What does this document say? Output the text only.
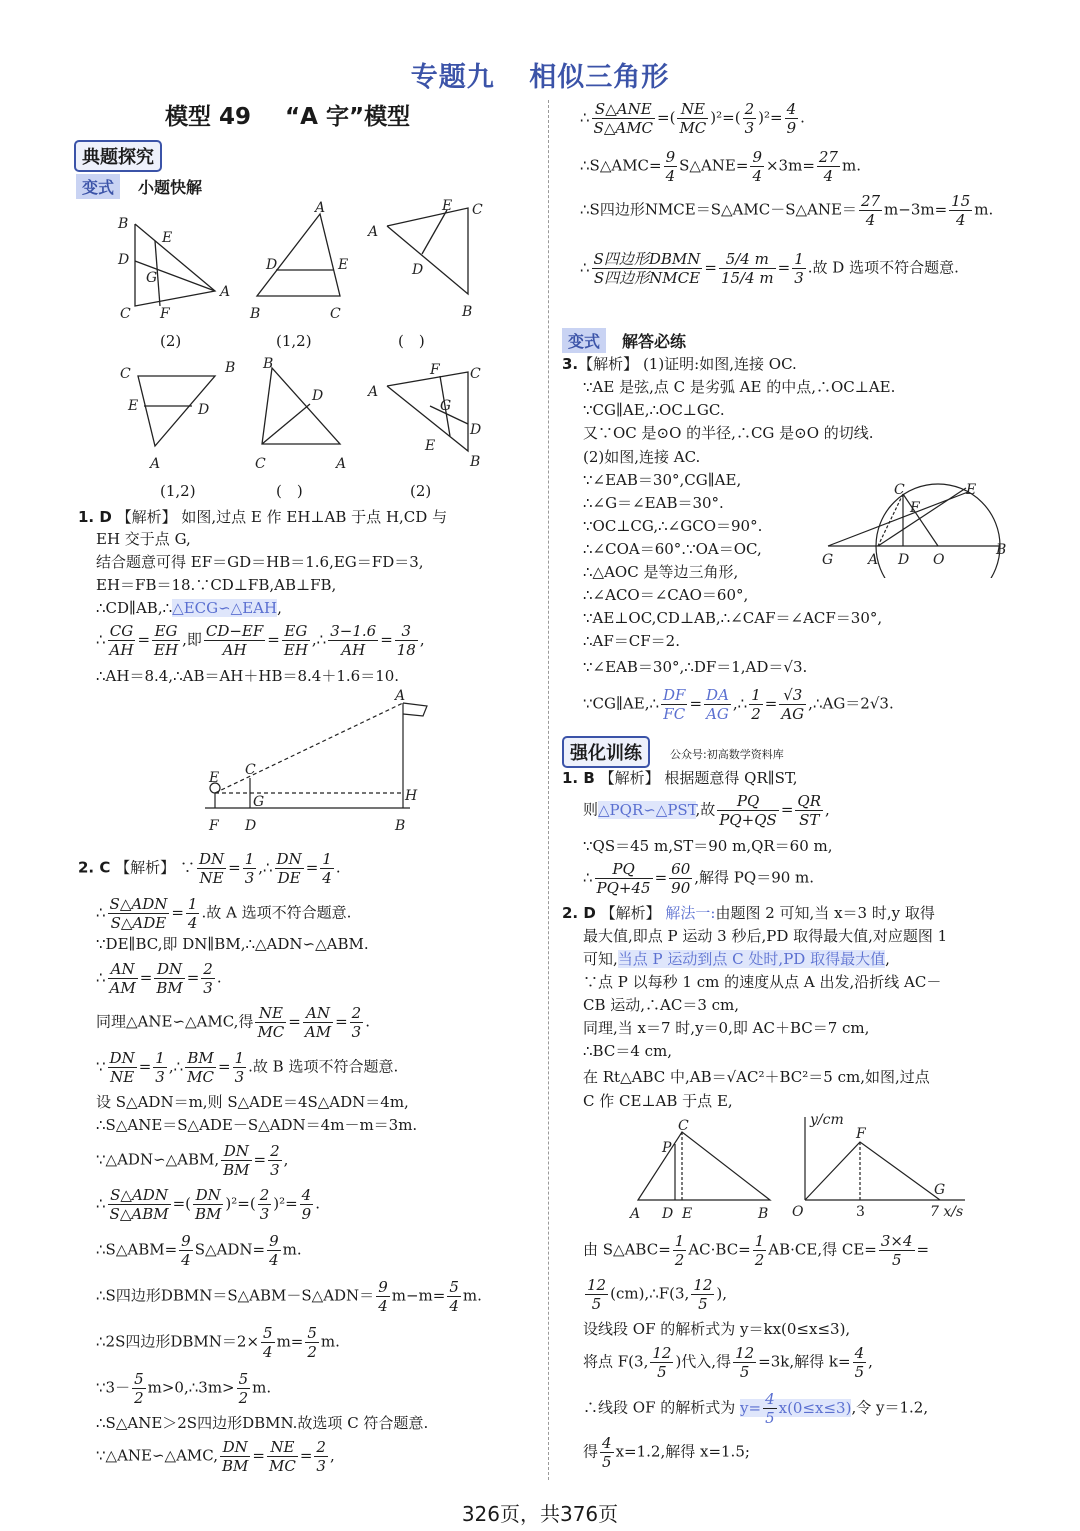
专题九 相似三角形
模型 49 “A 字”模型
典题探究
变式	小题快解
B
E
D
G
C F
A
A
D	E
B	C
A
E C
D
B
C	B
E	D
A
B
D
C	A
A
F C
G
D
E
B
(2)	(1,2)	(　)
(1,2)	(　)	(2)
1. D 【解析】 如图,过点 E 作 EH⊥AB 于点 H,CD 与
EH 交于点 G,
结合题意可得 EF＝GD＝HB＝1.6,EG＝FD＝3,
EH＝FB＝18.∵CD⊥FB,AB⊥FB,
∴CD∥AB,∴△ECG∽△EAH,
∴ $\frac{CG}{AH} = \frac{EG}{EH}$ ,即 $\frac{CD-EF}{AH} = \frac{EG}{EH}$ ,∴ $\frac{3-1.6}{AH} = \frac{3}{18}$ ,
∴AH＝8.4,∴AB＝AH＋HB＝8.4＋1.6＝10.
A
E C
G	H
F D	B
2. C 【解析】 ∵ $\frac{DN}{NE} = \frac{1}{3}$ ,∴ $\frac{DN}{DE} = \frac{1}{4}$ .
∴ S△ADN
S△ADE
= $\frac{1}{4}$ .故 A 选项不符合题意.
∵DE∥BC,即 DN∥BM,∴△ADN∽△ABM.
∴ $\frac{AN}{AM} = \frac{DN}{BM} = \frac{2}{3}$ .
同理△ANE∽△AMC,得 $\frac{NE}{MC} = \frac{AN}{AM} = \frac{2}{3}$ .
∵ $\frac{DN}{NE} = \frac{1}{3}$ ,∴ $\frac{BM}{MC} = \frac{1}{3}$ .故 B 选项不符合题意.
设 S△ADN＝m,则 S△ADE＝4S△ADN＝4m,
∴S△ANE＝S△ADE－S△ADN＝4m－m＝3m.
∵△ADN∽△ABM, $\frac{DN}{BM} = \frac{2}{3}$ ,
∴ S△ADN
S△ABM
=( $\frac{DN}{BM} )^2=( \frac{2}{3} )^2= \frac{4}{9}$ .
∴S△ABM= $\frac{9}{4}$ S△ADN= $\frac{9}{4} m$.
∴S四边形DBMN＝S△ABM－S△ADN＝ $\frac{9}{4} m-m= \frac{5}{4} m$.
∴2S四边形DBMN＝2× $\frac{5}{4} m= \frac{5}{2} m$.
∵3－ $\frac{5}{2}$ m>0,∴3m> $\frac{5}{2} m$.
∴S△ANE＞2S四边形DBMN.故选项 C 符合题意.
∵△ANE∽△AMC, $\frac{DN}{BM} = \frac{NE}{MC} = \frac{2}{3}$ ,
∴ S△ANE
S△AMC
=( $\frac{NE}{MC} )^2=( \frac{2}{3} )^2= \frac{4}{9}$ .
∴S△AMC= $\frac{9}{4}$ S△ANE= $\frac{9}{4} \times 3m= \frac{27}{4} m$.
∴S四边形NMCE＝S△AMC－S△ANE＝ $\frac{27}{4} m-3m= \frac{15}{4} m$.
∴ S四边形DBMN
S四边形NMCE
= $\frac{5/4 m}{15/4 m} = \frac{1}{3}$ .故 D 选项不符合题意.
变式	解答必练
3.【解析】 (1)证明:如图,连接 OC.
∵AE 是弦,点 C 是劣弧 AE 的中点,∴OC⊥AE.
∵CG∥AE,∴OC⊥GC.
又∵OC 是⊙O 的半径,∴CG 是⊙O 的切线.
(2)如图,连接 AC.
∵∠EAB＝30°,CG∥AE,
∴∠G＝∠EAB＝30°.
∵OC⊥CG,∴∠GCO＝90°.
∴∠COA＝60°.∵OA＝OC,
∴△AOC 是等边三角形,
∴∠ACO＝∠CAO＝60°,
∵AE⊥OC,CD⊥AB,∴∠CAF＝∠ACF＝30°,
∴AF＝CF＝2.
∵∠EAB＝30°,∴DF＝1,AD＝√3.
∵CG∥AE,∴ $\frac{DF}{FC} = \frac{DA}{AG}$ ,∴ $\frac{1}{2} = \frac{√3}{AG}$ ,∴AG＝2√3.
C	E
F
G A D O
B
强化训练	公众号:初高数学资料库
1. B 【解析】 根据题意得 QR∥ST,
则△PQR∽△PST,故 $\frac{PQ}{PQ+QS} = \frac{QR}{ST}$ ,
∵QS＝45 m,ST＝90 m,QR＝60 m,
∴ $\frac{PQ}{PQ+45} = \frac{60}{90}$ ,解得 PQ＝90 m.
2. D 【解析】 解法一:由题图 2 可知,当 x＝3 时,y 取得
最大值,即点 P 运动 3 秒后,PD 取得最大值,对应题图 1
可知,当点 P 运动到点 C 处时,PD 取得最大值,
∵点 P 以每秒 1 cm 的速度从点 A 出发,沿折线 AC－
CB 运动,∴AC＝3 cm,
同理,当 x＝7 时,y＝0,即 AC＋BC＝7 cm,
∴BC＝4 cm,
在 Rt△ABC 中,AB＝√AC²＋BC²＝5 cm,如图,过点
C 作 CE⊥AB 于点 E,
C
P
A D E	B
y/cm
F
G
O	3	7 x/s
由 S△ABC= $\frac{1}{2} AC\cdot BC= \frac{1}{2} AB\cdot CE$,得 $CE= \frac{3\times 4}{5}$ =
$\frac{12}{5}$ (cm),∴F(3, $\frac{12}{5}$ ),
设线段 OF 的解析式为 y＝kx(0≤x≤3),
将点 F(3, $\frac{12}{5}$ )代入,得 $\frac{12}{5} =3k$,解得 $k= \frac{4}{5}$ ,
∴线段 OF 的解析式为 $y= \frac{4}{5} x(0\le x\le 3)$,令 y＝1.2,
得 $\frac{4}{5} x=1.2$,解得 x=1.5;
326页，共376页
